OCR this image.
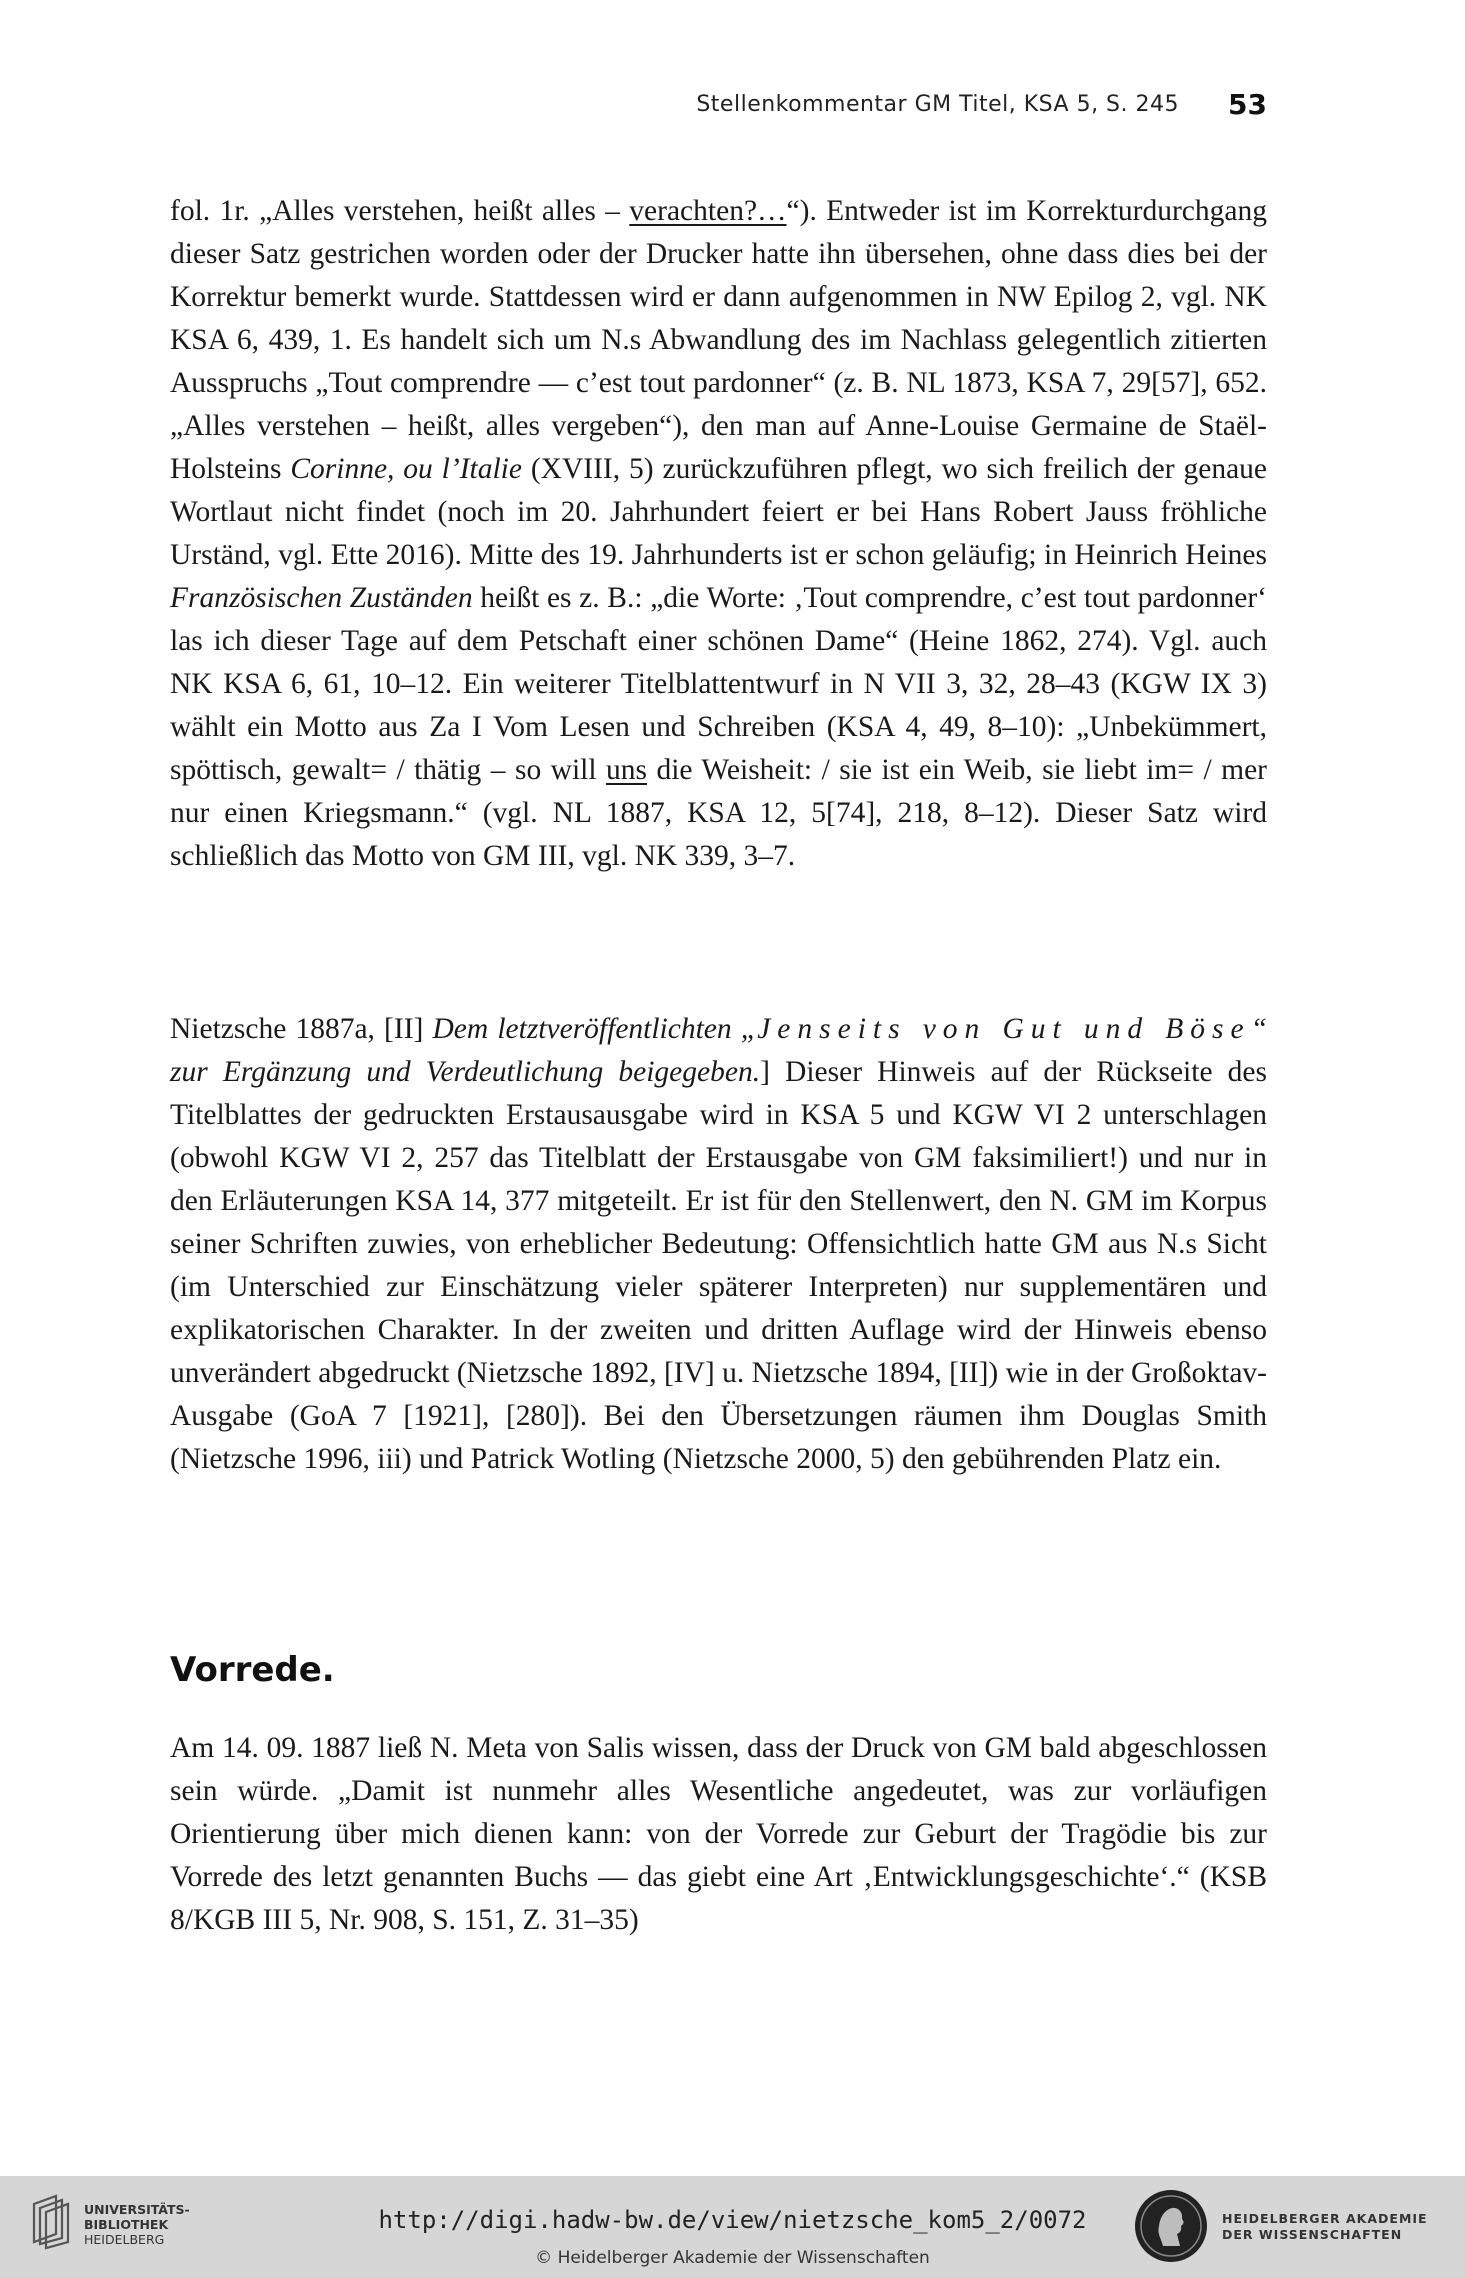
Stellenkommentar GM Titel, KSA 5, S. 245 53

fol. 1r. „Alles verstehen, heißt alles – verachten?…“). Entweder ist im Korrekturdurchgang dieser Satz gestrichen worden oder der Drucker hatte ihn übersehen, ohne dass dies bei der Korrektur bemerkt wurde. Stattdessen wird er dann aufgenommen in NW Epilog 2, vgl. NK KSA 6, 439, 1. Es handelt sich um N.s Abwandlung des im Nachlass gelegentlich zitierten Ausspruchs „Tout comprendre — c’est tout pardonner“ (z. B. NL 1873, KSA 7, 29[57], 652. „Alles verstehen – heißt, alles vergeben“), den man auf Anne-Louise Germaine de Staël-Holsteins Corinne, ou l’Italie (XVIII, 5) zurückzuführen pflegt, wo sich freilich der genaue Wortlaut nicht findet (noch im 20. Jahrhundert feiert er bei Hans Robert Jauss fröhliche Urständ, vgl. Ette 2016). Mitte des 19. Jahrhunderts ist er schon geläufig; in Heinrich Heines Französischen Zuständen heißt es z. B.: „die Worte: ‚Tout comprendre, c’est tout pardonner‘ las ich dieser Tage auf dem Petschaft einer schönen Dame“ (Heine 1862, 274). Vgl. auch NK KSA 6, 61, 10–12. Ein weiterer Titelblattentwurf in N VII 3, 32, 28–43 (KGW IX 3) wählt ein Motto aus Za I Vom Lesen und Schreiben (KSA 4, 49, 8–10): „Unbekümmert, spöttisch, gewalt= / thätig – so will uns die Weisheit: / sie ist ein Weib, sie liebt im= / mer nur einen Kriegsmann.“ (vgl. NL 1887, KSA 12, 5[74], 218, 8–12). Dieser Satz wird schließlich das Motto von GM III, vgl. NK 339, 3–7.

Nietzsche 1887a, [II] Dem letztveröffentlichten „Jenseits von Gut und Böse“ zur Ergänzung und Verdeutlichung beigegeben.] Dieser Hinweis auf der Rückseite des Titelblattes der gedruckten Erstausausgabe wird in KSA 5 und KGW VI 2 unterschlagen (obwohl KGW VI 2, 257 das Titelblatt der Erstausgabe von GM faksimiliert!) und nur in den Erläuterungen KSA 14, 377 mitgeteilt. Er ist für den Stellenwert, den N. GM im Korpus seiner Schriften zuwies, von erheblicher Bedeutung: Offensichtlich hatte GM aus N.s Sicht (im Unterschied zur Einschätzung vieler späterer Interpreten) nur supplementären und explikatorischen Charakter. In der zweiten und dritten Auflage wird der Hinweis ebenso unverändert abgedruckt (Nietzsche 1892, [IV] u. Nietzsche 1894, [II]) wie in der Großoktav-Ausgabe (GoA 7 [1921], [280]). Bei den Übersetzungen räumen ihm Douglas Smith (Nietzsche 1996, iii) und Patrick Wotling (Nietzsche 2000, 5) den gebührenden Platz ein.

Vorrede.

Am 14. 09. 1887 ließ N. Meta von Salis wissen, dass der Druck von GM bald abgeschlossen sein würde. „Damit ist nunmehr alles Wesentliche angedeutet, was zur vorläufigen Orientierung über mich dienen kann: von der Vorrede zur Geburt der Tragödie bis zur Vorrede des letzt genannten Buchs — das giebt eine Art ‚Entwicklungsgeschichte‘.“ (KSB 8/KGB III 5, Nr. 908, S. 151, Z. 31–35)

UNIVERSITÄTS-
BIBLIOTHEK
HEIDELBERG
http://digi.hadw-bw.de/view/nietzsche_kom5_2/0072
© Heidelberger Akademie der Wissenschaften
HEIDELBERGER AKADEMIE
DER WISSENSCHAFTEN
